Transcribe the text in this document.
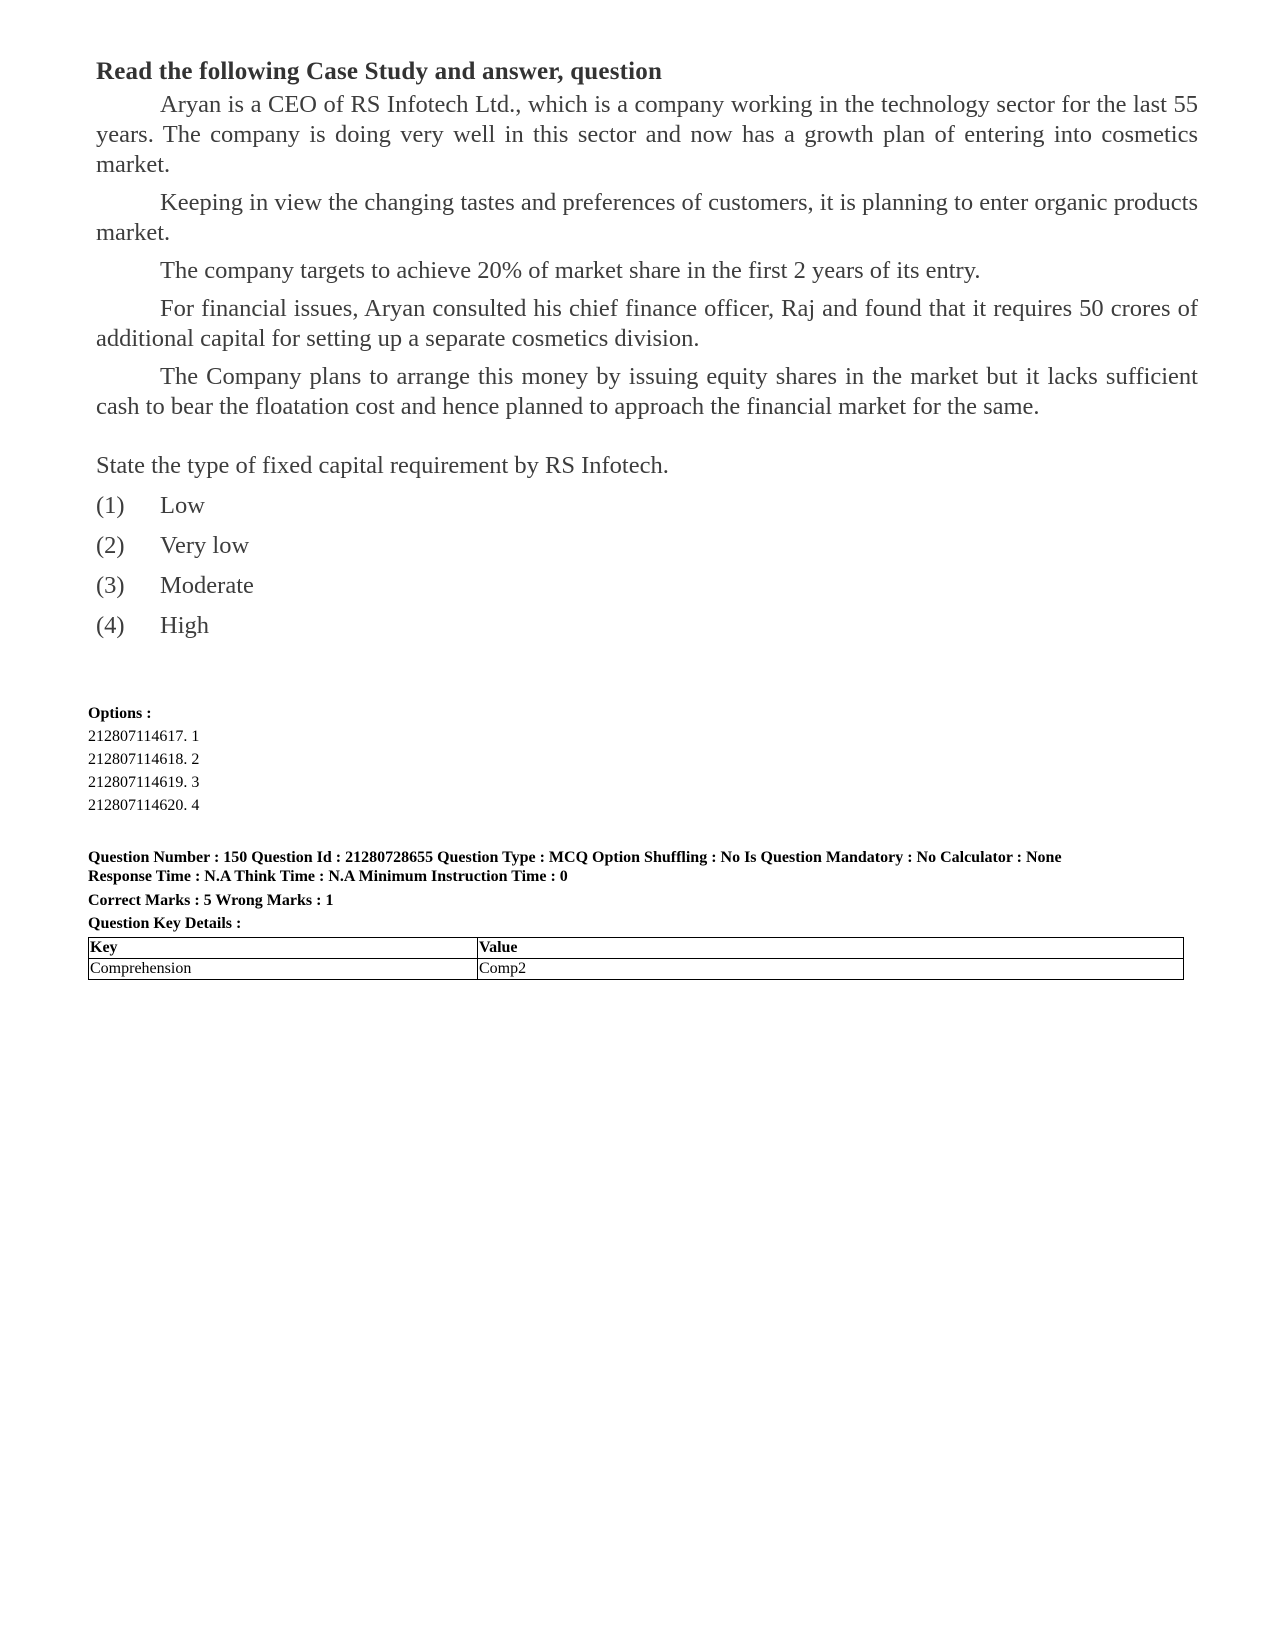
Read the following Case Study and answer, question

Aryan is a CEO of RS Infotech Ltd., which is a company working in the technology sector for the last 55 years. The company is doing very well in this sector and now has a growth plan of entering into cosmetics market.

Keeping in view the changing tastes and preferences of customers, it is planning to enter organic products market.

The company targets to achieve 20% of market share in the first 2 years of its entry.

For financial issues, Aryan consulted his chief finance officer, Raj and found that it requires 50 crores of additional capital for setting up a separate cosmetics division.

The Company plans to arrange this money by issuing equity shares in the market but it lacks sufficient cash to bear the floatation cost and hence planned to approach the financial market for the same.

State the type of fixed capital requirement by RS Infotech.
(1)	Low
(2)	Very low
(3)	Moderate
(4)	High
Options :
212807114617. 1
212807114618. 2
212807114619. 3
212807114620. 4
Question Number : 150 Question Id : 21280728655 Question Type : MCQ Option Shuffling : No Is Question Mandatory : No Calculator : None
Response Time : N.A Think Time : N.A Minimum Instruction Time : 0
Correct Marks : 5 Wrong Marks : 1
Question Key Details :
Key	Value
Comprehension	Comp2
